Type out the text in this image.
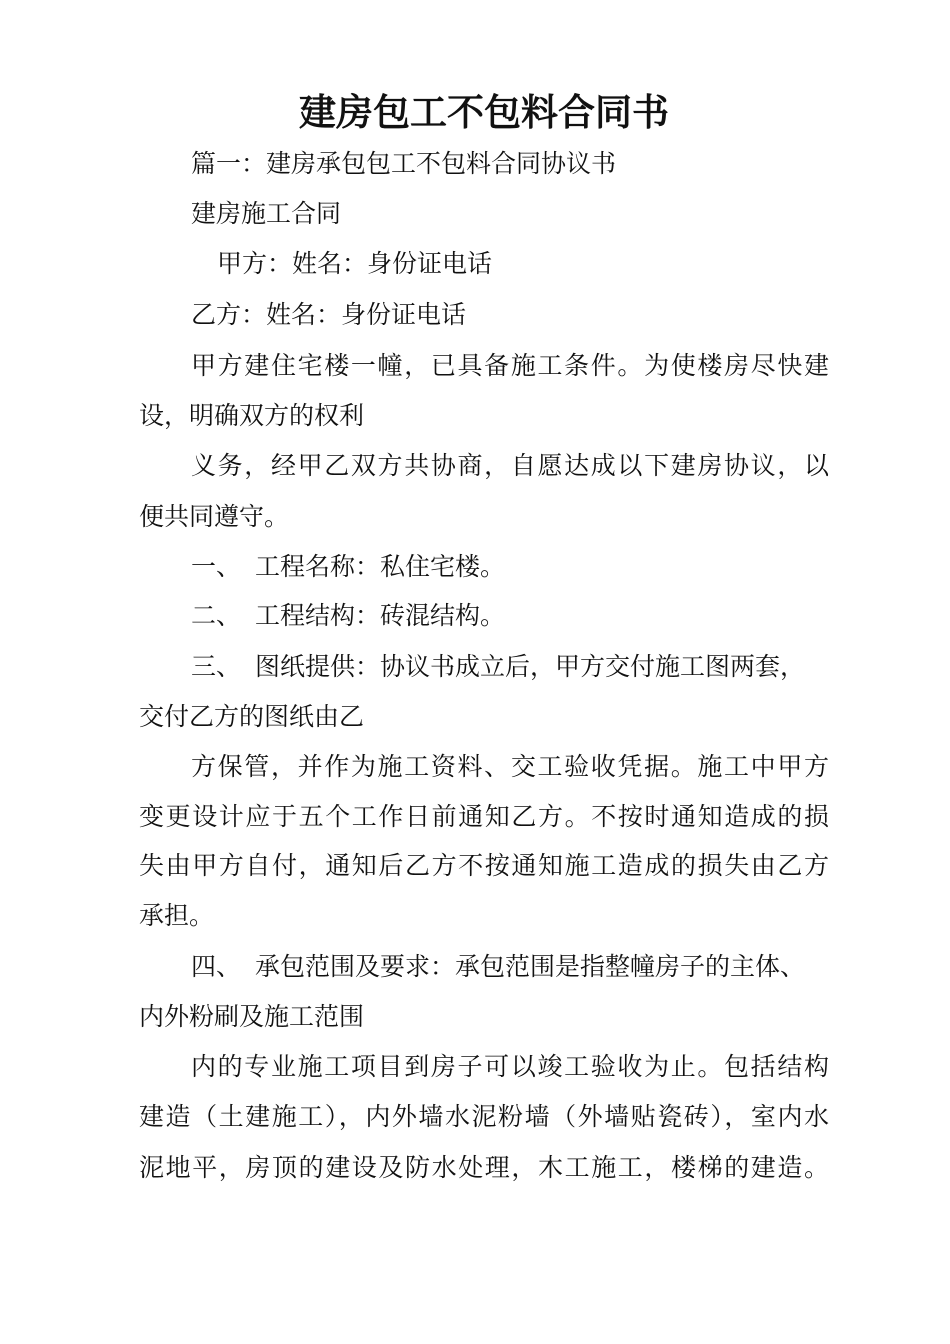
建房包工不包料合同书
篇一：建房承包包工不包料合同协议书
建房施工合同
甲方：姓名：身份证电话
乙方：姓名：身份证电话
甲方建住宅楼一幢，已具备施工条件。为使楼房尽快建
设，明确双方的权利
义务，经甲乙双方共协商，自愿达成以下建房协议，以
便共同遵守。
一、 工程名称：私住宅楼。
二、 工程结构：砖混结构。
三、 图纸提供：协议书成立后，甲方交付施工图两套，
交付乙方的图纸由乙
方保管，并作为施工资料、交工验收凭据。施工中甲方
变更设计应于五个工作日前通知乙方。不按时通知造成的损
失由甲方自付，通知后乙方不按通知施工造成的损失由乙方
承担。
四、 承包范围及要求：承包范围是指整幢房子的主体、
内外粉刷及施工范围
内的专业施工项目到房子可以竣工验收为止。包括结构
建造（土建施工），内外墙水泥粉墙（外墙贴瓷砖），室内水
泥地平，房顶的建设及防水处理，木工施工，楼梯的建造。
